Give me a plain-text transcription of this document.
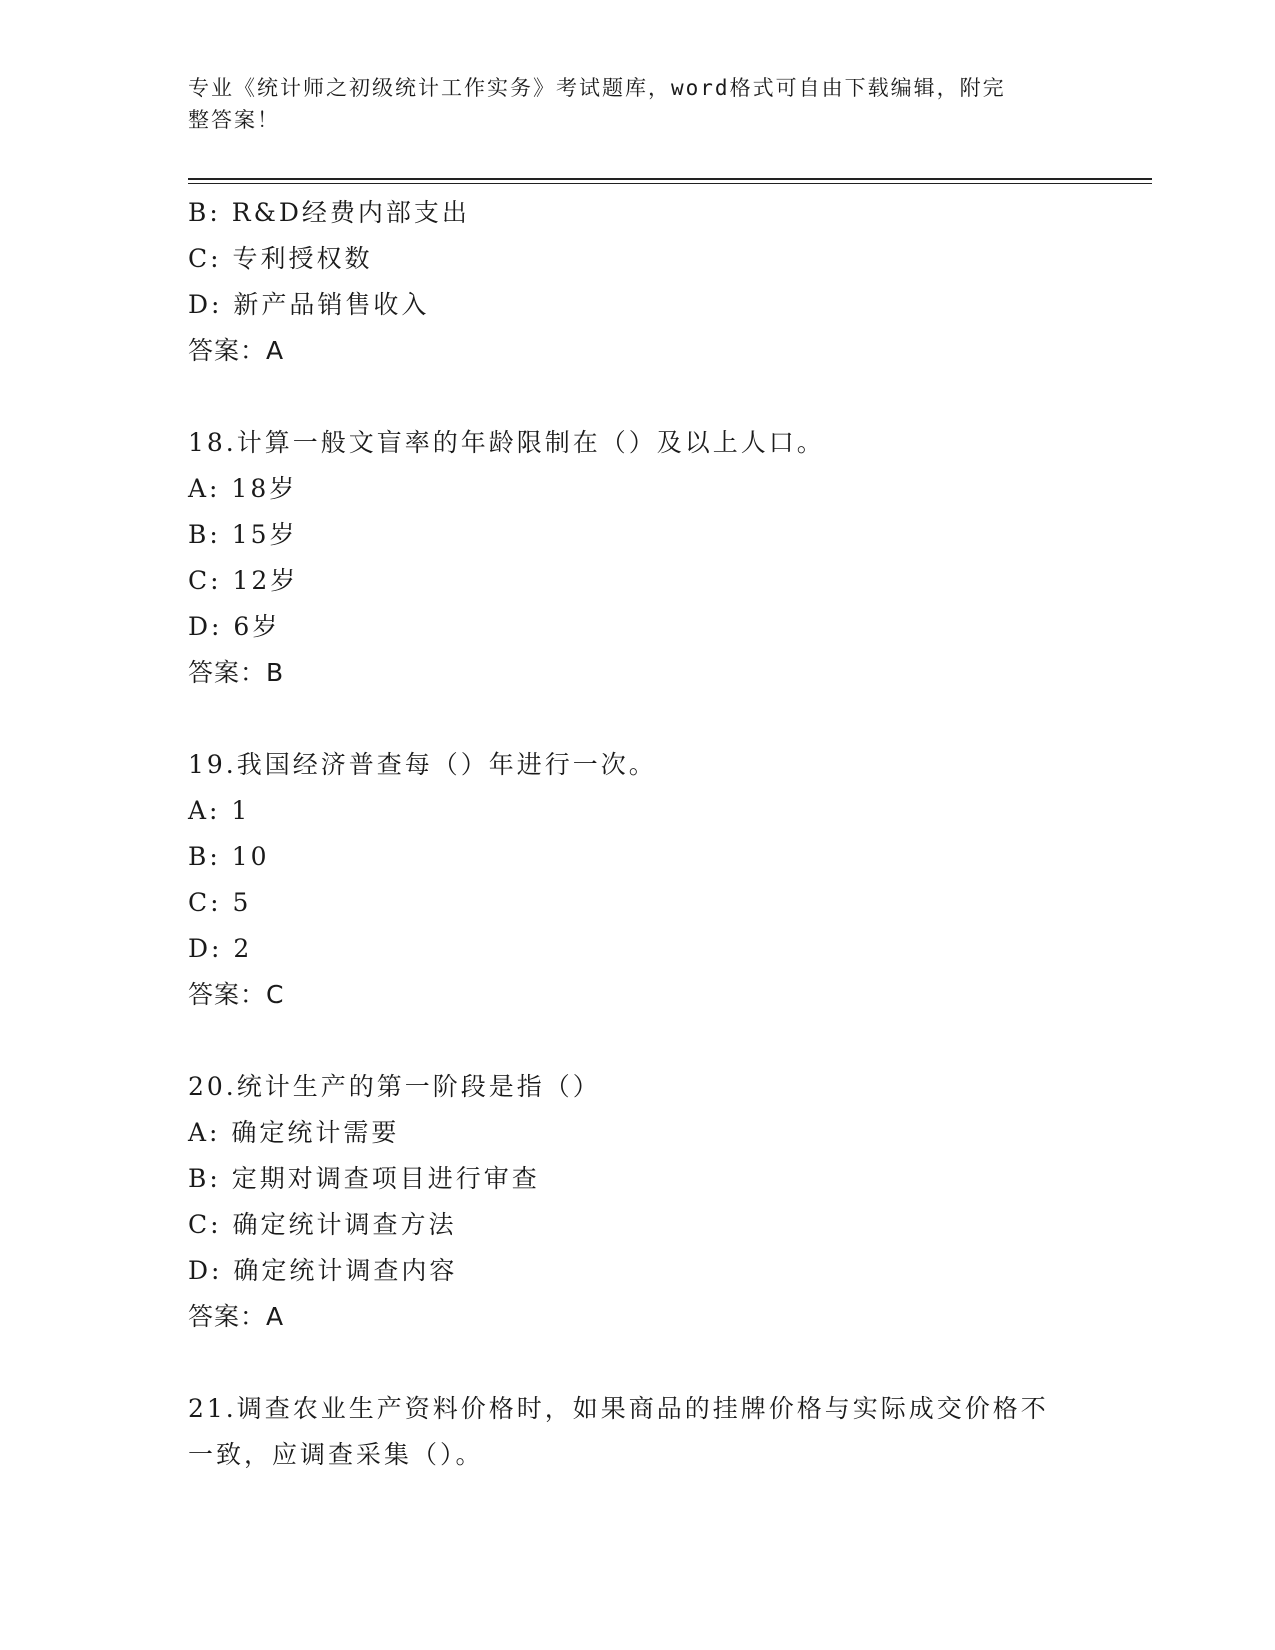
专业《统计师之初级统计工作实务》考试题库，word格式可自由下载编辑，附完
整答案！
B: R&D经费内部支出
C: 专利授权数
D: 新产品销售收入
答案：A
18.计算一般文盲率的年龄限制在（）及以上人口。
A: 18岁
B: 15岁
C: 12岁
D: 6岁
答案：B
19.我国经济普查每（）年进行一次。
A: 1
B: 10
C: 5
D: 2
答案：C
20.统计生产的第一阶段是指（）
A: 确定统计需要
B: 定期对调查项目进行审查
C: 确定统计调查方法
D: 确定统计调查内容
答案：A
21.调查农业生产资料价格时，如果商品的挂牌价格与实际成交价格不
一致，应调查采集（）。
